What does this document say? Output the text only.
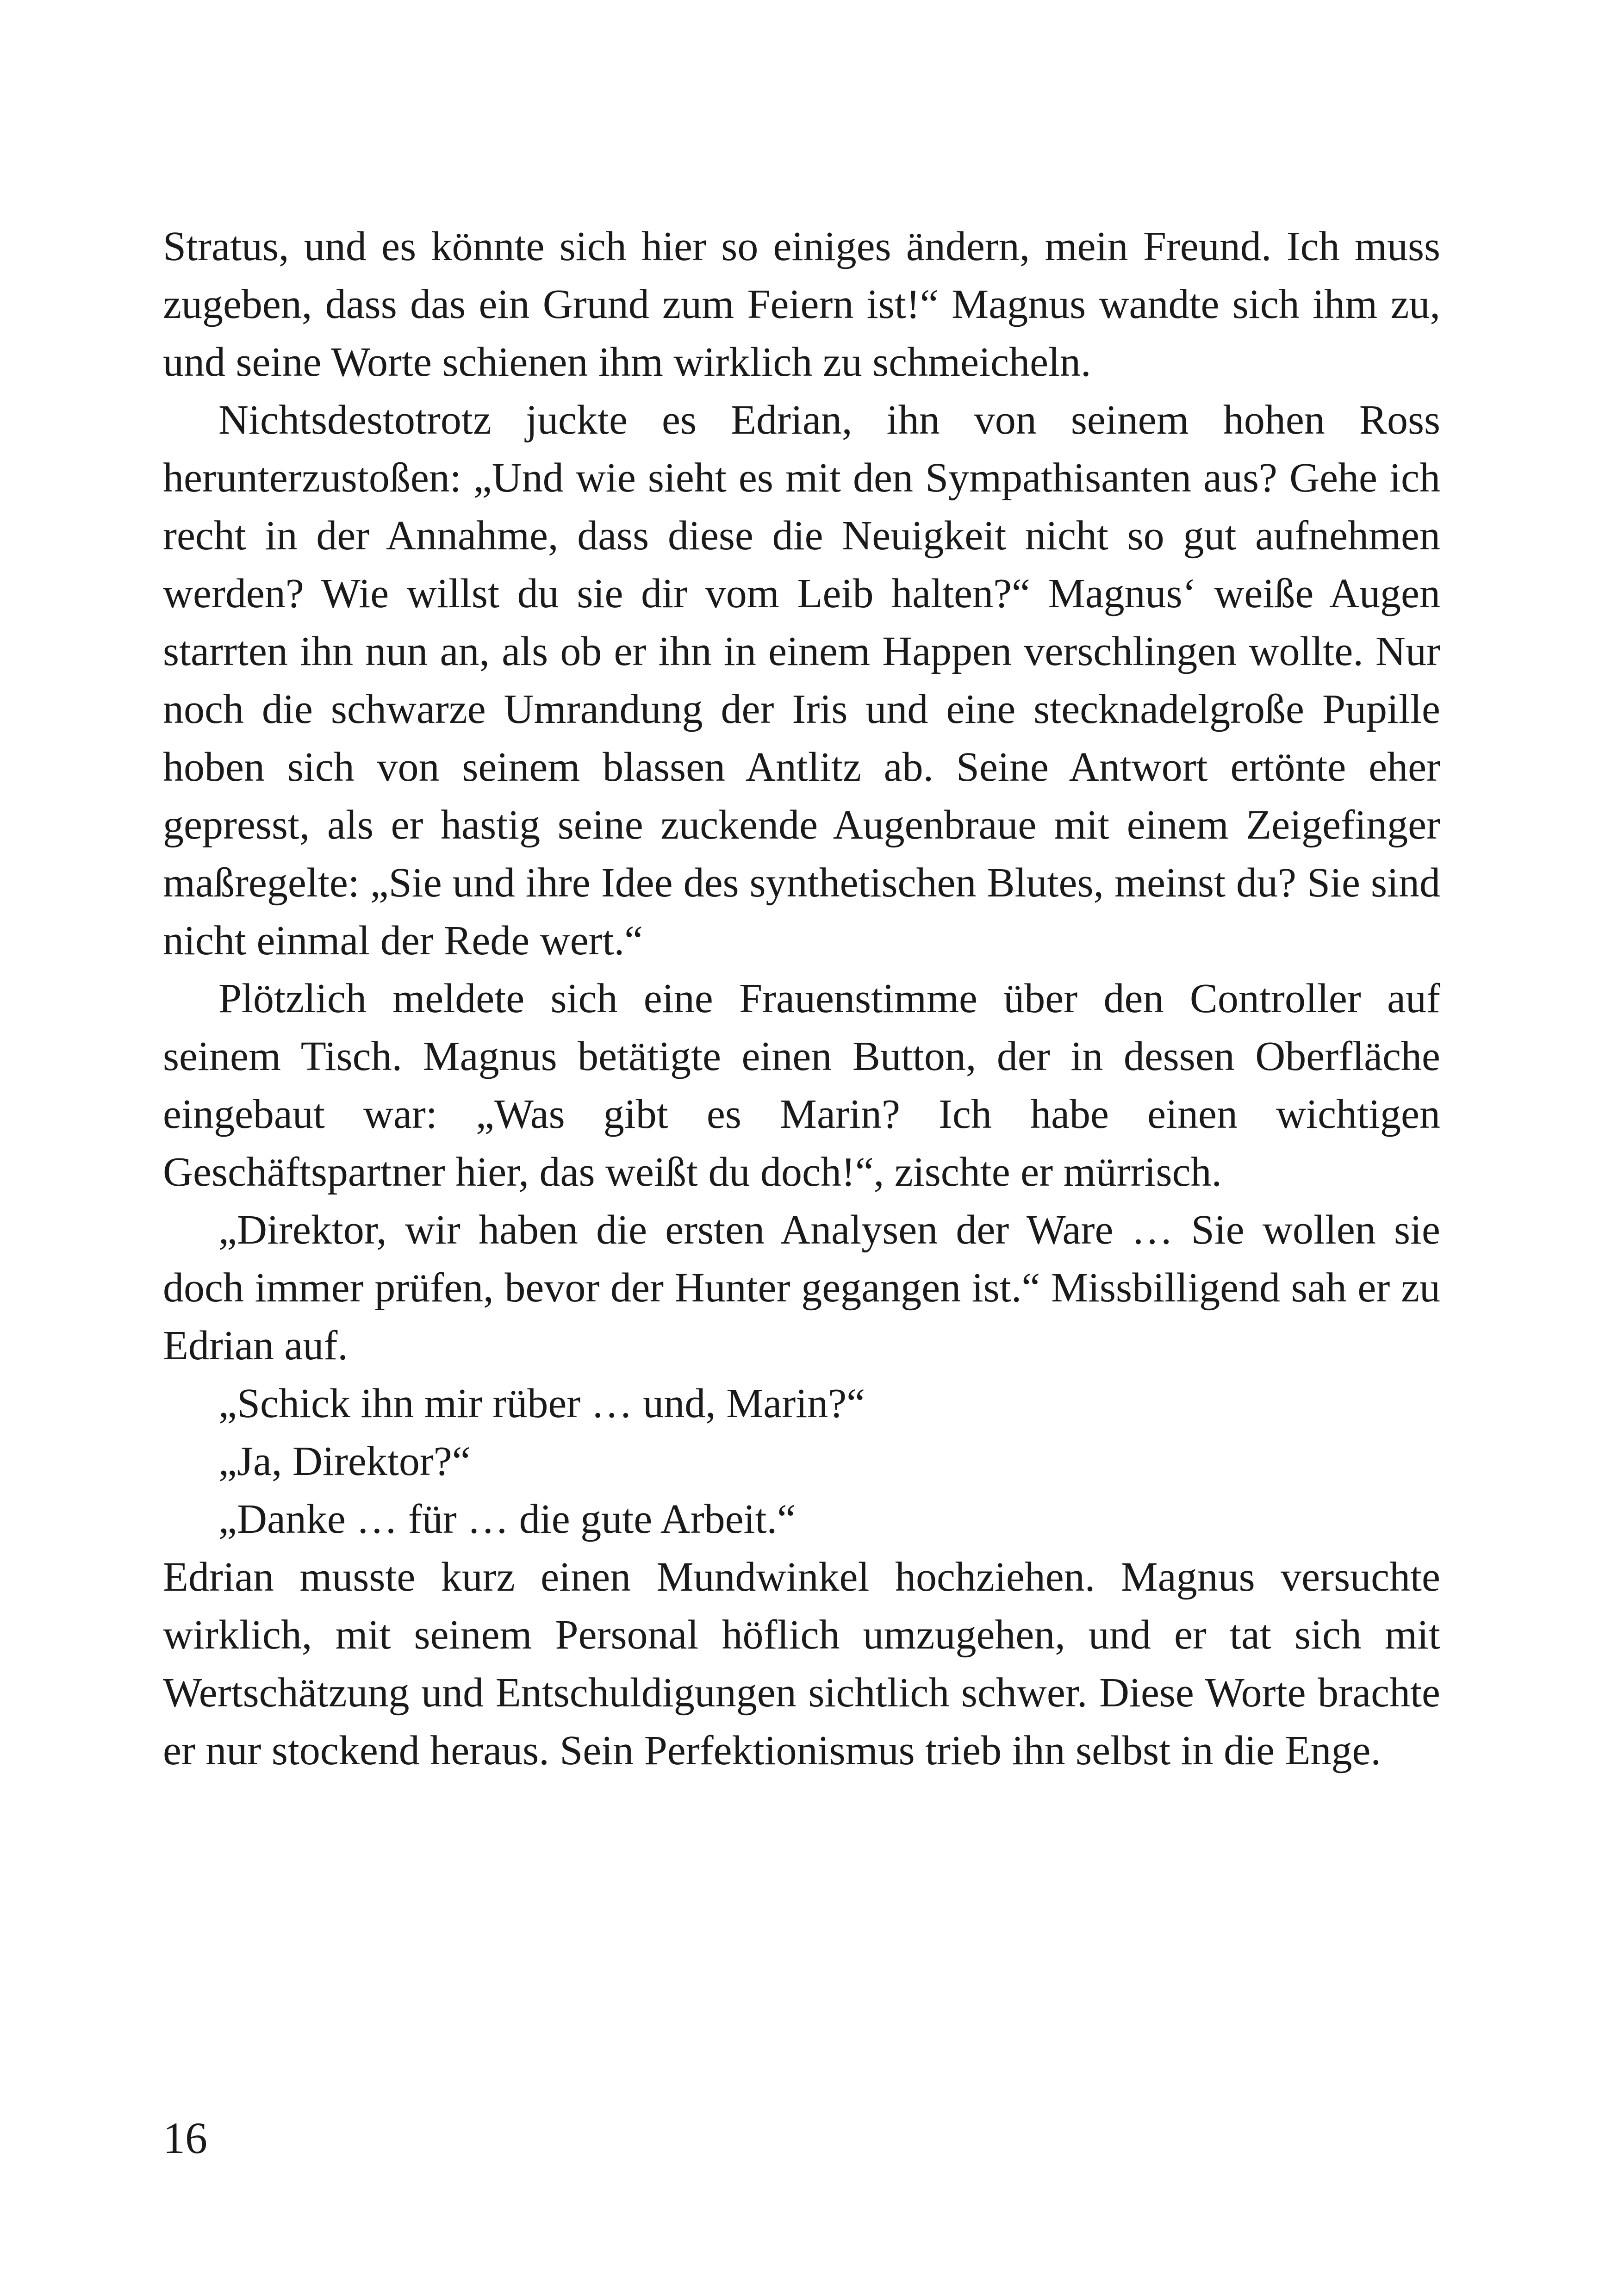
Stratus, und es könnte sich hier so einiges ändern, mein Freund. Ich muss zugeben, dass das ein Grund zum Feiern ist!“ Magnus wandte sich ihm zu, und seine Worte schienen ihm wirklich zu schmeicheln.

Nichtsdestotrotz juckte es Edrian, ihn von seinem hohen Ross herunterzustoßen: „Und wie sieht es mit den Sympathisanten aus? Gehe ich recht in der Annahme, dass diese die Neuigkeit nicht so gut aufnehmen werden? Wie willst du sie dir vom Leib halten?“ Magnus‘ weiße Augen starrten ihn nun an, als ob er ihn in einem Happen verschlingen wollte. Nur noch die schwarze Umrandung der Iris und eine stecknadelgroße Pupille hoben sich von seinem blassen Antlitz ab. Seine Antwort ertönte eher gepresst, als er hastig seine zuckende Augenbraue mit einem Zeigefinger maßregelte: „Sie und ihre Idee des synthetischen Blutes, meinst du? Sie sind nicht einmal der Rede wert.“

Plötzlich meldete sich eine Frauenstimme über den Controller auf seinem Tisch. Magnus betätigte einen Button, der in dessen Oberfläche eingebaut war: „Was gibt es Marin? Ich habe einen wichtigen Geschäftspartner hier, das weißt du doch!“, zischte er mürrisch.

„Direktor, wir haben die ersten Analysen der Ware … Sie wollen sie doch immer prüfen, bevor der Hunter gegangen ist.“ Missbilligend sah er zu Edrian auf.

„Schick ihn mir rüber … und, Marin?“

„Ja, Direktor?“

„Danke … für … die gute Arbeit.“

Edrian musste kurz einen Mundwinkel hochziehen. Magnus versuchte wirklich, mit seinem Personal höflich umzugehen, und er tat sich mit Wertschätzung und Entschuldigungen sichtlich schwer. Diese Worte brachte er nur stockend heraus. Sein Perfektionismus trieb ihn selbst in die Enge.

16
